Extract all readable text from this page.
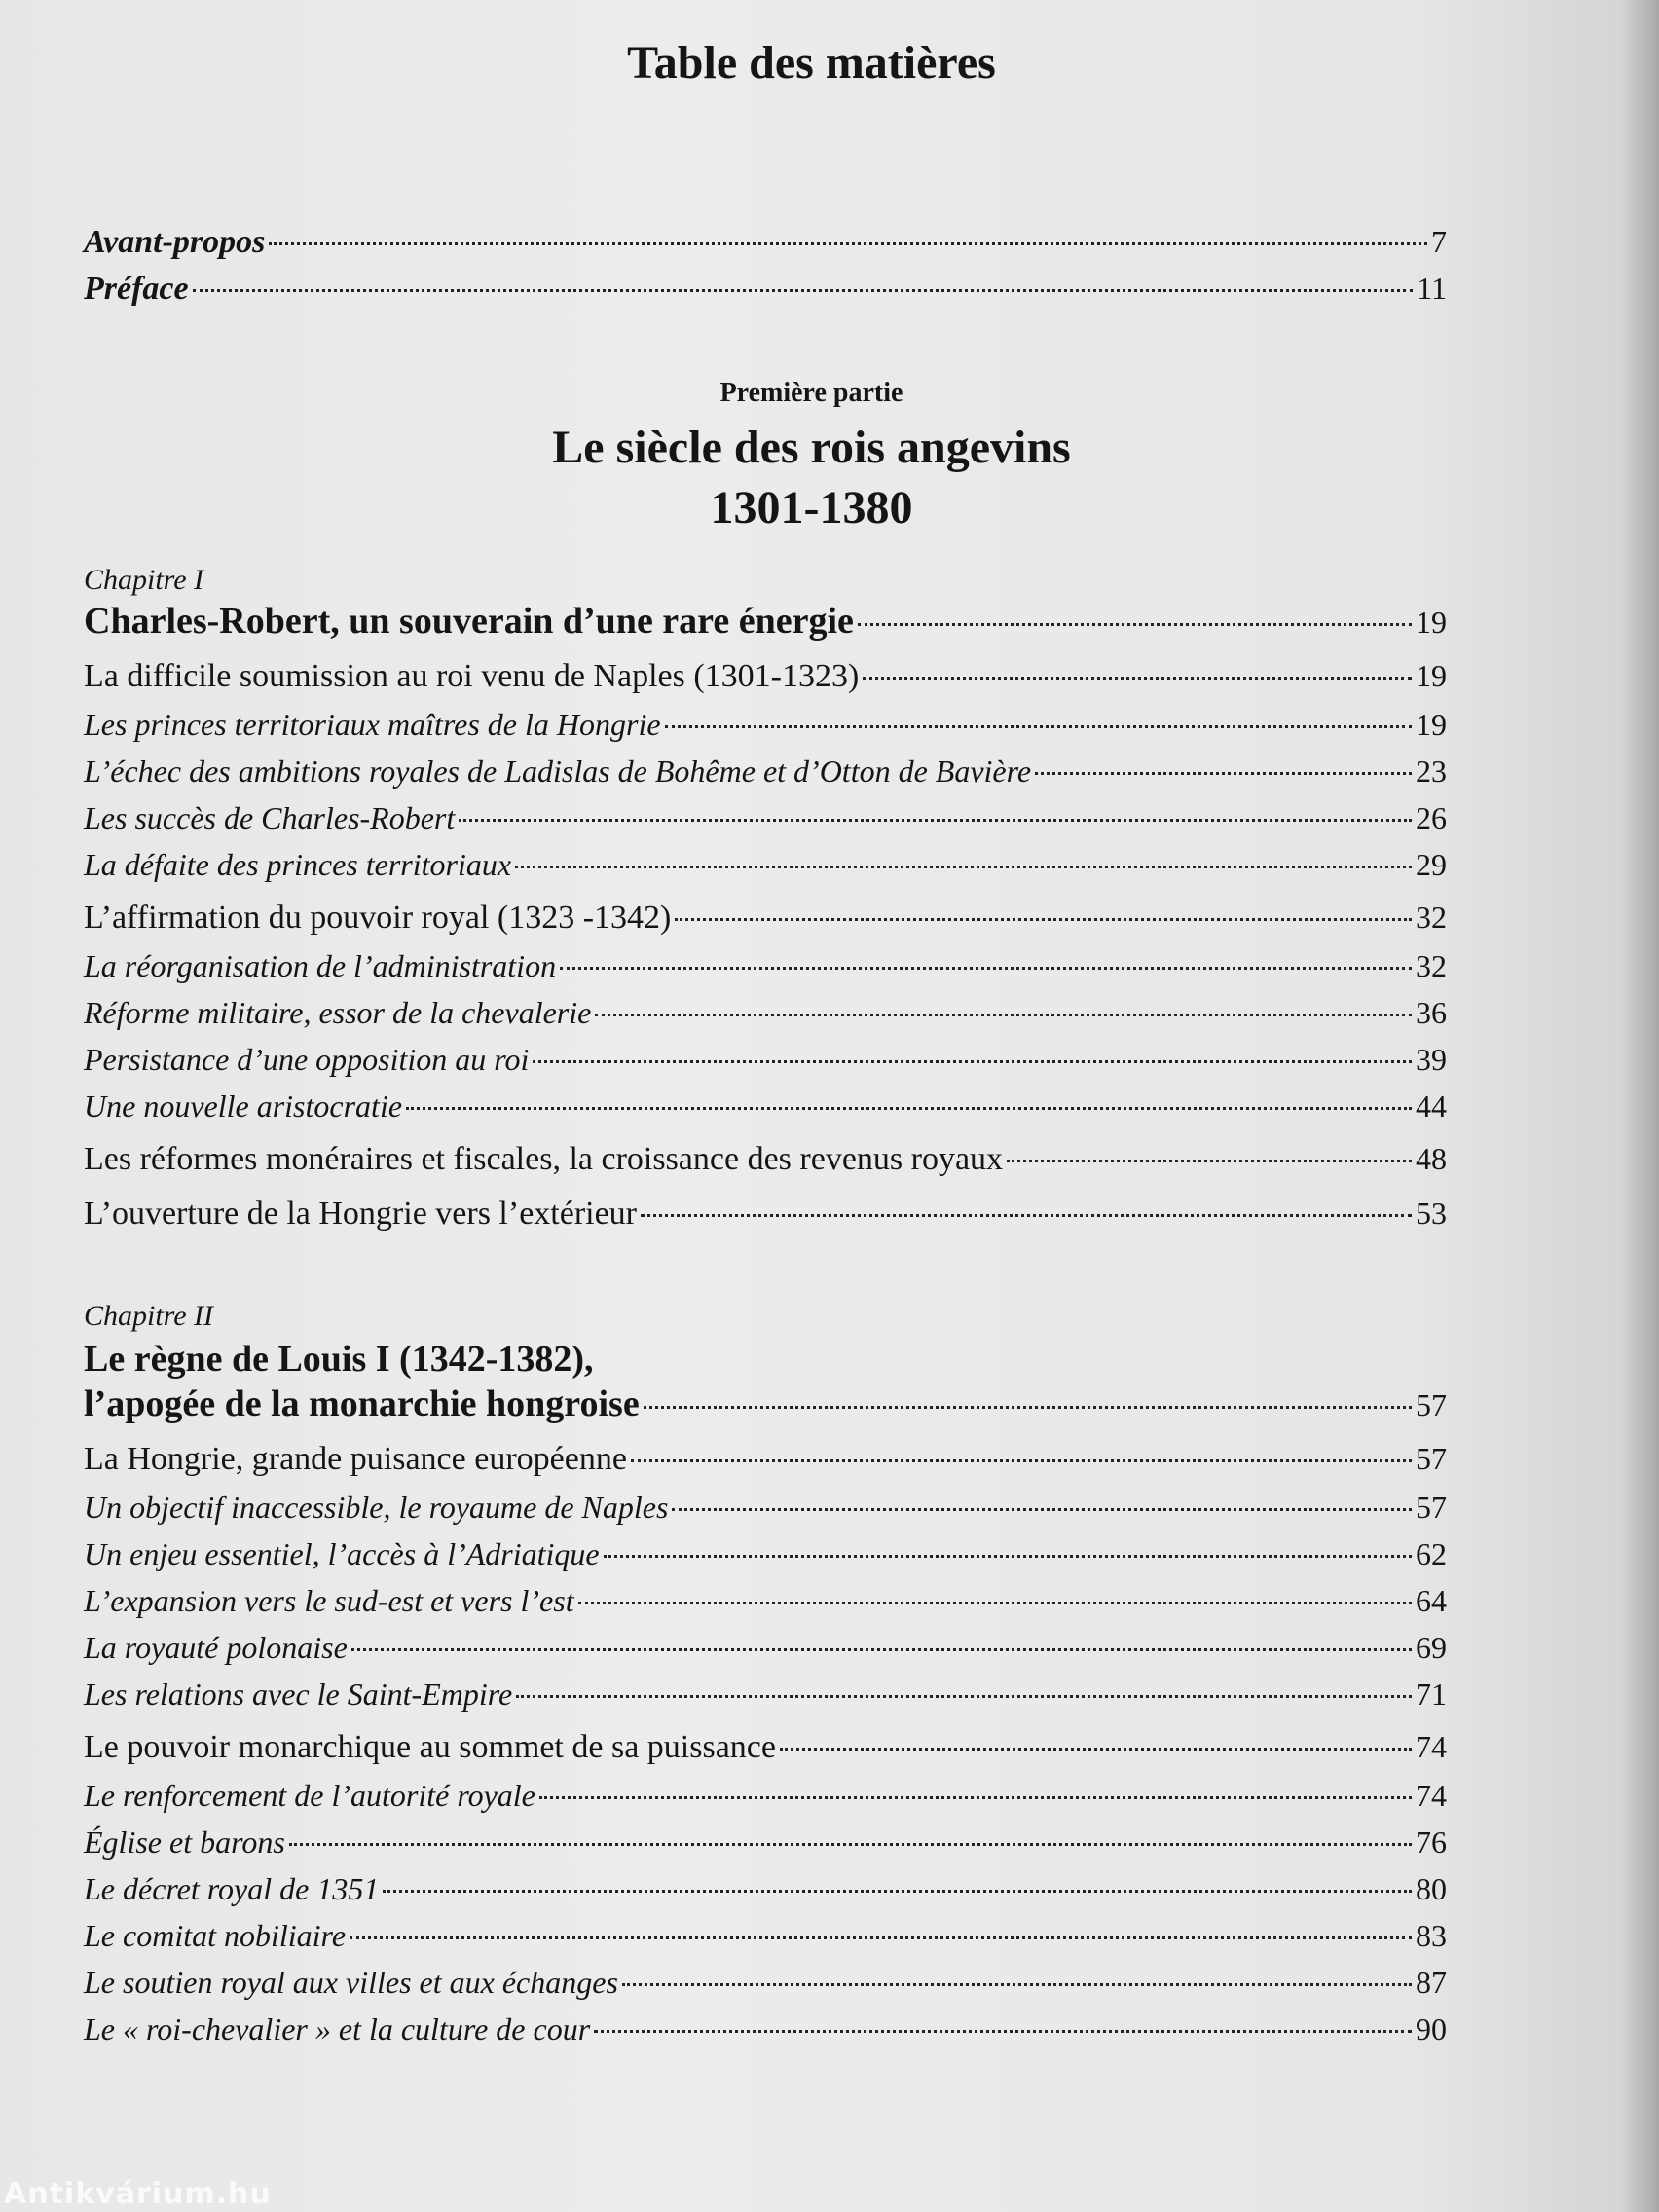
Table des matières
Avant-propos	7
Préface	11
Première partie
Le siècle des rois angevins
1301-1380
Chapitre I
Charles-Robert, un souverain d’une rare énergie	19
La difficile soumission au roi venu de Naples (1301-1323)	19
Les princes territoriaux maîtres de la Hongrie	19
L’échec des ambitions royales de Ladislas de Bohême et d’Otton de Bavière	23
Les succès de Charles-Robert	26
La défaite des princes territoriaux	29
L’affirmation du pouvoir royal (1323 -1342)	32
La réorganisation de l’administration	32
Réforme militaire, essor de la chevalerie	36
Persistance d’une opposition au roi	39
Une nouvelle aristocratie	44
Les réformes monéraires et fiscales, la croissance des revenus royaux	48
L’ouverture de la Hongrie vers l’extérieur	53
Chapitre II
Le règne de Louis I (1342-1382),
l’apogée de la monarchie hongroise	57
La Hongrie, grande puisance européenne	57
Un objectif inaccessible, le royaume de Naples	57
Un enjeu essentiel, l’accès à l’Adriatique	62
L’expansion vers le sud-est et vers l’est	64
La royauté polonaise	69
Les relations avec le Saint-Empire	71
Le pouvoir monarchique au sommet de sa puissance	74
Le renforcement de l’autorité royale	74
Église et barons	76
Le décret royal de 1351	80
Le comitat nobiliaire	83
Le soutien royal aux villes et aux échanges	87
Le « roi-chevalier » et la culture de cour	90
Antikvárium.hu
